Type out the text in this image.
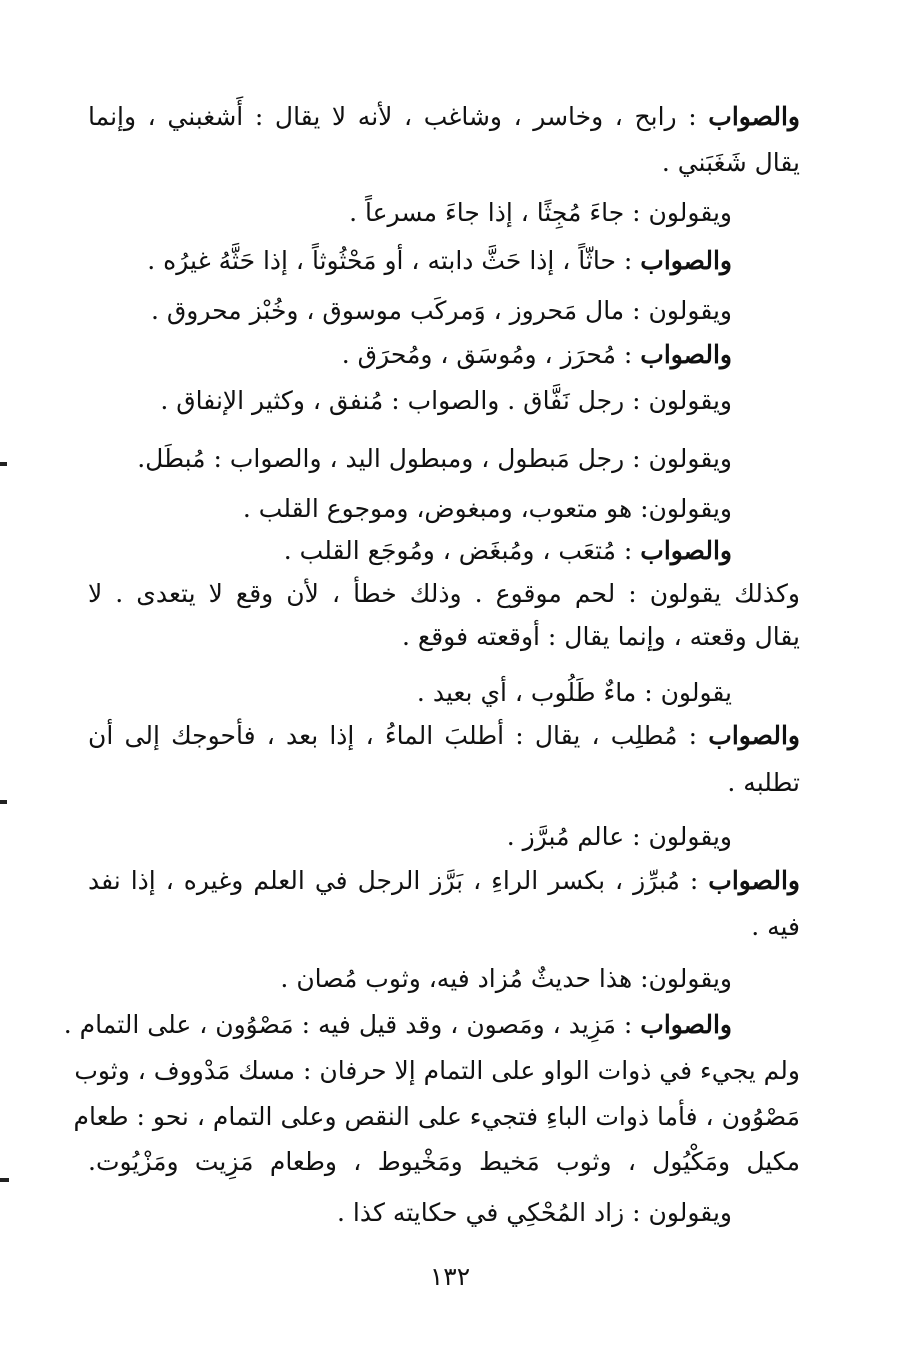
والصواب : رابح ، وخاسر ، وشاغب ، لأنه لا يقال : أَشغبني ، وإنما
يقال شَغَبَني .
ويقولون : جاءَ مُجِثًا ، إذا جاءَ مسرعاً .
والصواب : حاثّاً ، إذا حَثَّ دابته ، أو مَحْثُوثاً ، إذا حَثَّهُ غيرُه .
ويقولون : مال مَحروز ، وَمركَب موسوق ، وخُبْز محروق .
والصواب : مُحرَز ، ومُوسَق ، ومُحرَق .
ويقولون : رجل نَفَّاق . والصواب : مُنفق ، وكثير الإنفاق .
ويقولون : رجل مَبطول ، ومبطول اليد ، والصواب : مُبطَل.
ويقولون: هو متعوب، ومبغوض، وموجوع القلب .
والصواب : مُتعَب ، ومُبغَض ، ومُوجَع القلب .
وكذلك يقولون : لحم موقوع . وذلك خطأ ، لأن وقع لا يتعدى . لا
يقال وقعته ، وإنما يقال : أوقعته فوقع .
يقولون : ماءٌ طَلُوب ، أي بعيد .
والصواب : مُطلِب ، يقال : أطلبَ الماءُ ، إذا بعد ، فأحوجك إلى أن
تطلبه .
ويقولون : عالم مُبرَّز .
والصواب : مُبرِّز ، بكسر الراءِ ، بَرَّز الرجل في العلم وغيره ، إذا نفد
فيه .
ويقولون: هذا حديثٌ مُزاد فيه، وثوب مُصان .
والصواب : مَزِيد ، ومَصون ، وقد قيل فيه : مَصْوُون ، على التمام .
ولم يجيء في ذوات الواو على التمام إلا حرفان : مسك مَدْووف ، وثوب
مَصْوُون ، فأما ذوات الباءِ فتجيء على النقص وعلى التمام ، نحو : طعام
مكيل ومَكْيُول ، وثوب مَخيط ومَخْيوط ، وطعام مَزِيت ومَزْيُوت.
ويقولون : زاد المُحْكِي في حكايته كذا .
١٣٢
